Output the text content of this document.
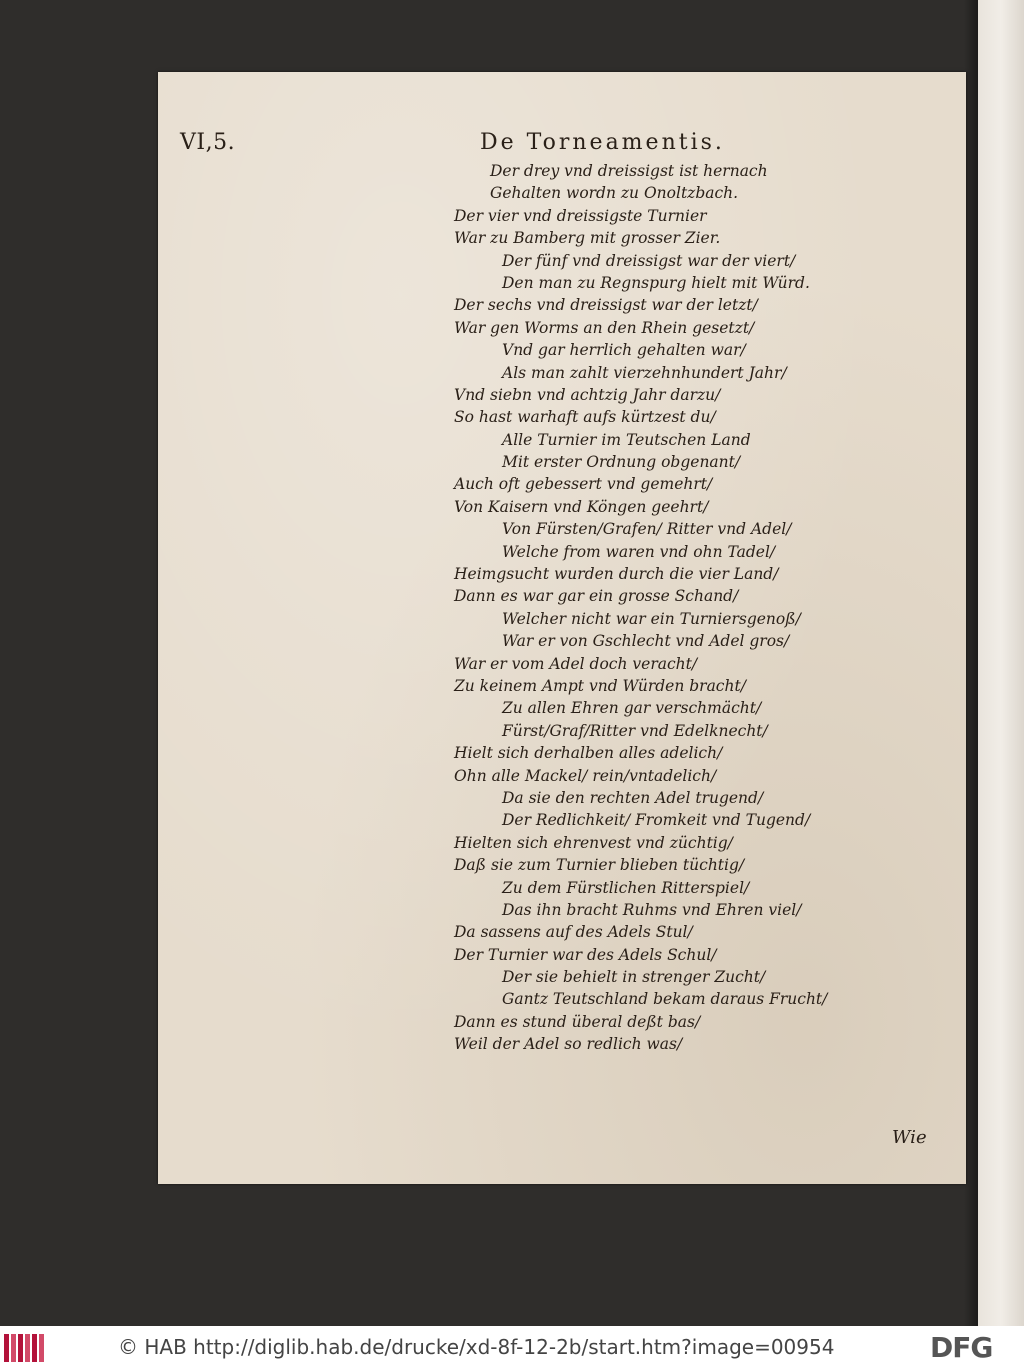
VI,5.	De Torneamentis.
Der drey vnd dreissigst ist hernach
Gehalten wordn zu Onoltzbach.
Der vier vnd dreissigste Turnier
War zu Bamberg mit grosser Zier.
Der fünf vnd dreissigst war der viert/
Den man zu Regnspurg hielt mit Würd.
Der sechs vnd dreissigst war der letzt/
War gen Worms an den Rhein gesetzt/
Vnd gar herrlich gehalten war/
Als man zahlt vierzehnhundert Jahr/
Vnd siebn vnd achtzig Jahr darzu/
So hast warhaft aufs kürtzest du/
Alle Turnier im Teutschen Land
Mit erster Ordnung obgenant/
Auch oft gebessert vnd gemehrt/
Von Kaisern vnd Köngen geehrt/
Von Fürsten/Grafen/ Ritter vnd Adel/
Welche from waren vnd ohn Tadel/
Heimgsucht wurden durch die vier Land/
Dann es war gar ein grosse Schand/
Welcher nicht war ein Turniersgenoß/
War er von Gschlecht vnd Adel gros/
War er vom Adel doch veracht/
Zu keinem Ampt vnd Würden bracht/
Zu allen Ehren gar verschmächt/
Fürst/Graf/Ritter vnd Edelknecht/
Hielt sich derhalben alles adelich/
Ohn alle Mackel/ rein/vntadelich/
Da sie den rechten Adel trugend/
Der Redlichkeit/ Fromkeit vnd Tugend/
Hielten sich ehrenvest vnd züchtig/
Daß sie zum Turnier blieben tüchtig/
Zu dem Fürstlichen Ritterspiel/
Das ihn bracht Ruhms vnd Ehren viel/
Da sassens auf des Adels Stul/
Der Turnier war des Adels Schul/
Der sie behielt in strenger Zucht/
Gantz Teutschland bekam daraus Frucht/
Dann es stund überal deßt bas/
Weil der Adel so redlich was/
Wie
© HAB http://diglib.hab.de/drucke/xd-8f-12-2b/start.htm?image=00954	DFG
